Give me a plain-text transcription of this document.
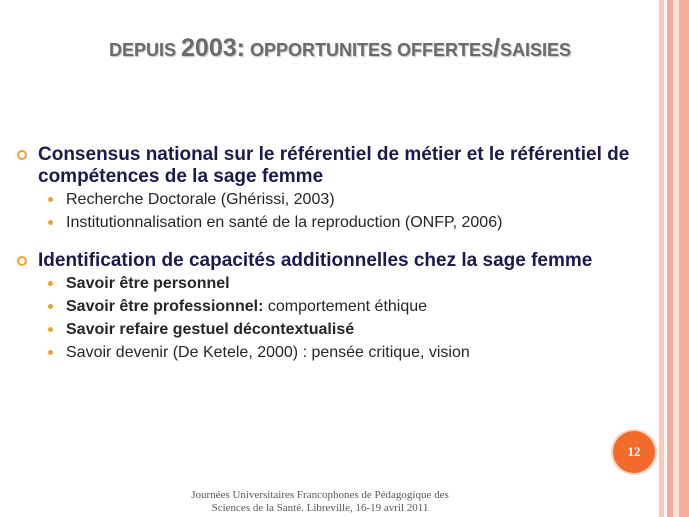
DEPUIS 2003: OPPORTUNITES OFFERTES/SAISIES
Consensus national sur le référentiel de métier et le référentiel de compétences de la sage femme
Recherche Doctorale (Ghérissi, 2003)
Institutionnalisation en santé de la reproduction (ONFP, 2006)
Identification de capacités additionnelles chez la sage femme
Savoir être personnel
Savoir être professionnel: comportement éthique
Savoir refaire gestuel décontextualisé
Savoir devenir (De Ketele, 2000) : pensée critique, vision
12
Journées Universitaires Francophones de Pédagogique des
Sciences de la Santé. Libreville, 16-19 avril 2011
